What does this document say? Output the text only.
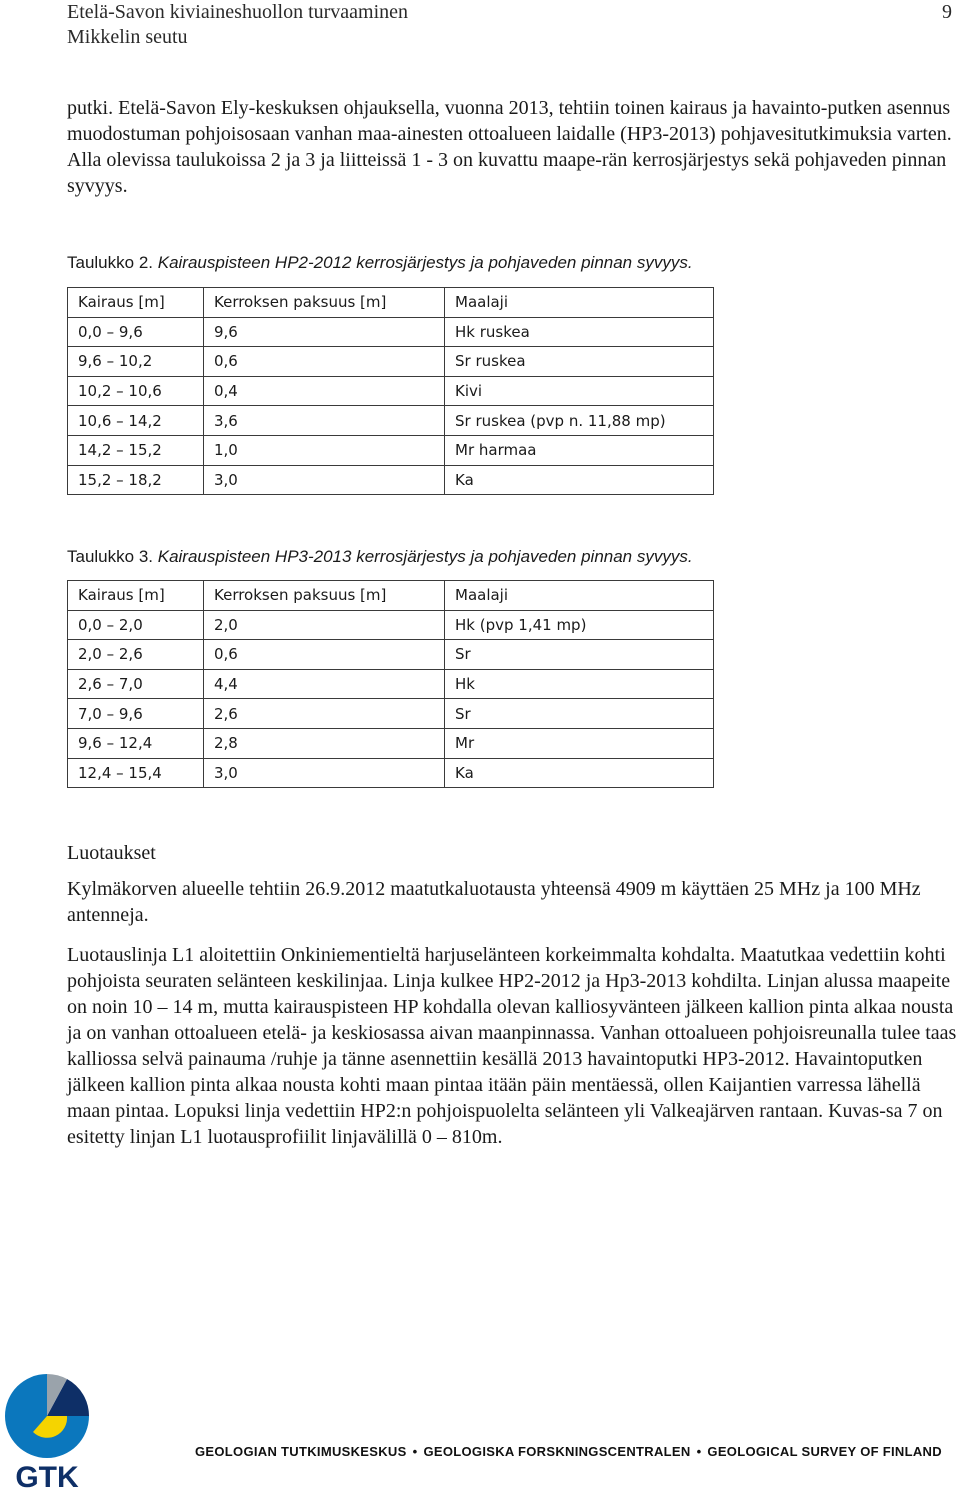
Etelä-Savon kiviaineshuollon turvaaminen
Mikkelin seutu
9

putki. Etelä-Savon Ely-keskuksen ohjauksella, vuonna 2013, tehtiin toinen kairaus ja havainto-putken asennus muodostuman pohjoisosaan vanhan maa-ainesten ottoalueen laidalle (HP3-2013) pohjavesitutkimuksia varten. Alla olevissa taulukoissa 2 ja 3 ja liitteissä 1 - 3 on kuvattu maape-rän kerrosjärjestys sekä pohjaveden pinnan syvyys.

Taulukko 2. Kairauspisteen HP2-2012 kerrosjärjestys ja pohjaveden pinnan syvyys.

Kairaus [m]	Kerroksen paksuus [m]	Maalaji
0,0 – 9,6	9,6	Hk ruskea
9,6 – 10,2	0,6	Sr ruskea
10,2 – 10,6	0,4	Kivi
10,6 – 14,2	3,6	Sr ruskea (pvp n. 11,88 mp)
14,2 – 15,2	1,0	Mr harmaa
15,2 – 18,2	3,0	Ka

Taulukko 3. Kairauspisteen HP3-2013 kerrosjärjestys ja pohjaveden pinnan syvyys.

Kairaus [m]	Kerroksen paksuus [m]	Maalaji
0,0 – 2,0	2,0	Hk (pvp 1,41 mp)
2,0 – 2,6	0,6	Sr
2,6 – 7,0	4,4	Hk
7,0 – 9,6	2,6	Sr
9,6 – 12,4	2,8	Mr
12,4 – 15,4	3,0	Ka

Luotaukset

Kylmäkorven alueelle tehtiin 26.9.2012 maatutkaluotausta yhteensä 4909 m käyttäen 25 MHz ja 100 MHz antenneja.

Luotauslinja L1 aloitettiin Onkiniementieltä harjuselänteen korkeimmalta kohdalta. Maatutkaa vedettiin kohti pohjoista seuraten selänteen keskilinjaa. Linja kulkee HP2-2012 ja Hp3-2013 kohdilta. Linjan alussa maapeite on noin 10 – 14 m, mutta kairauspisteen HP kohdalla olevan kalliosyvänteen jälkeen kallion pinta alkaa nousta ja on vanhan ottoalueen etelä- ja keskiosassa aivan maanpinnassa. Vanhan ottoalueen pohjoisreunalla tulee taas kalliossa selvä painauma /ruhje ja tänne asennettiin kesällä 2013 havaintoputki HP3-2012. Havaintoputken jälkeen kallion pinta alkaa nousta kohti maan pintaa itään päin mentäessä, ollen Kaijantien varressa lähellä maan pintaa. Lopuksi linja vedettiin HP2:n pohjoispuolelta selänteen yli Valkeajärven rantaan. Kuvas-sa 7 on esitetty linjan L1 luotausprofiilit linjavälillä 0 – 810m.

GTK
GEOLOGIAN TUTKIMUSKESKUS • GEOLOGISKA FORSKNINGSCENTRALEN • GEOLOGICAL SURVEY OF FINLAND
